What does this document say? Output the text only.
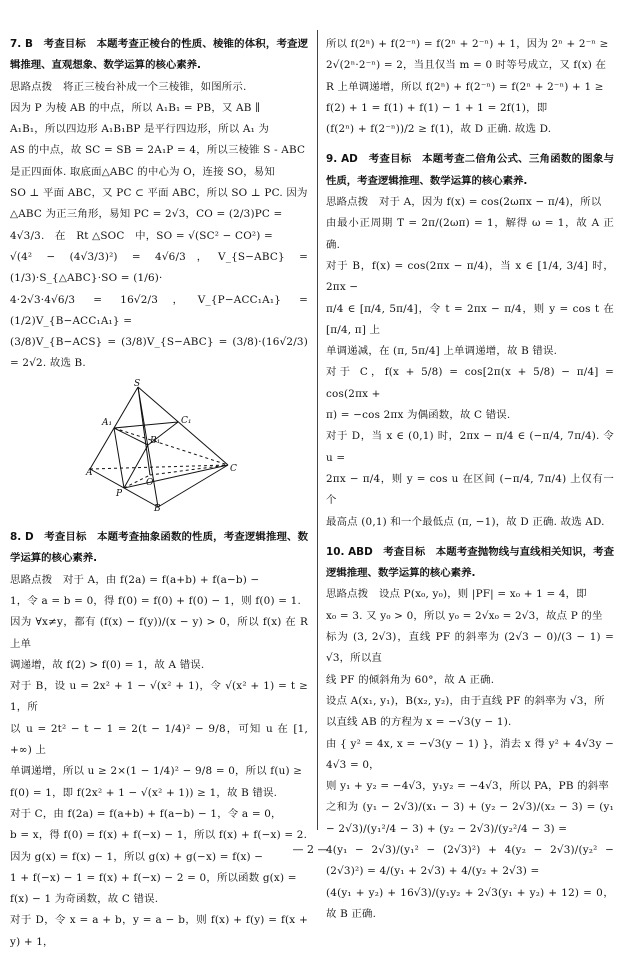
7. B　考查目标　本题考查正棱台的性质、棱锥的体积，考查逻辑推理、直观想象、数学运算的核心素养.

思路点拨　将正三棱台补成一个三棱锥，如图所示.

因为 P 为棱 AB 的中点，所以 A₁B₁ = PB，又 AB ∥

A₁B₁，所以四边形 A₁B₁BP 是平行四边形，所以 A₁ 为

AS 的中点，故 SC = SB = 2A₁P = 4，所以三棱锥 S - ABC

是正四面体. 取底面△ABC 的中心为 O，连接 SO，易知

SO ⊥ 平面 ABC，又 PC ⊂ 平面 ABC，所以 SO ⊥ PC. 因为

△ABC 为正三角形，易知 PC = 2√3，CO = (2/3)PC =

4√3/3.　在　Rt △SOC　中，SO = √(SC² − CO²) =

√(4² − (4√3/3)²) = 4√6/3，V_{S−ABC} = (1/3)·S_{△ABC}·SO = (1/6)·

4·2√3·4√6/3 = 16√2/3，V_{P−ACC₁A₁} = (1/2)V_{B−ACC₁A₁} =

(3/8)V_{B−ACS} = (3/8)V_{S−ABC} = (3/8)·(16√2/3) = 2√2. 故选 B.

S
A₁	C₁
B₁
A	C
O
P
B

8. D　考查目标　本题考查抽象函数的性质，考查逻辑推理、数学运算的核心素养.

思路点拨　对于 A，由 f(2a) = f(a+b) + f(a−b) −

1，令 a = b = 0，得 f(0) = f(0) + f(0) − 1，则 f(0) = 1.

因为 ∀x≠y，都有 (f(x) − f(y))/(x − y) > 0，所以 f(x) 在 R 上单

调递增，故 f(2) > f(0) = 1，故 A 错误.

对于 B，设 u = 2x² + 1 − √(x² + 1)，令 √(x² + 1) = t ≥ 1，所

以 u = 2t² − t − 1 = 2(t − 1/4)² − 9/8，可知 u 在 [1, +∞) 上

单调递增，所以 u ≥ 2×(1 − 1/4)² − 9/8 = 0，所以 f(u) ≥

f(0) = 1，即 f(2x² + 1 − √(x² + 1)) ≥ 1，故 B 错误.

对于 C，由 f(2a) = f(a+b) + f(a−b) − 1，令 a = 0，

b = x，得 f(0) = f(x) + f(−x) − 1，所以 f(x) + f(−x) = 2.

因为 g(x) = f(x) − 1，所以 g(x) + g(−x) = f(x) −

1 + f(−x) − 1 = f(x) + f(−x) − 2 = 0，所以函数 g(x) =

f(x) − 1 为奇函数，故 C 错误.

对于 D，令 x = a + b，y = a − b，则 f(x) + f(y) = f(x + y) + 1，

所以 f(2ⁿ) + f(2⁻ⁿ) = f(2ⁿ + 2⁻ⁿ) + 1，因为 2ⁿ + 2⁻ⁿ ≥

2√(2ⁿ·2⁻ⁿ) = 2，当且仅当 m = 0 时等号成立，又 f(x) 在

R 上单调递增，所以 f(2ⁿ) + f(2⁻ⁿ) = f(2ⁿ + 2⁻ⁿ) + 1 ≥

f(2) + 1 = f(1) + f(1) − 1 + 1 = 2f(1)，即

(f(2ⁿ) + f(2⁻ⁿ))/2 ≥ f(1)，故 D 正确. 故选 D.

9. AD　考查目标　本题考查二倍角公式、三角函数的图象与性质，考查逻辑推理、数学运算的核心素养.

思路点拨　对于 A，因为 f(x) = cos(2ωπx − π/4)，所以

由最小正周期 T = 2π/(2ωπ) = 1，解得 ω = 1，故 A 正确.

对于 B，f(x) = cos(2πx − π/4)，当 x ∈ [1/4, 3/4] 时，2πx −

π/4 ∈ [π/4, 5π/4]，令 t = 2πx − π/4，则 y = cos t 在 [π/4, π] 上

单调递减，在 (π, 5π/4] 上单调递增，故 B 错误.

对于 C，f(x + 5/8) = cos[2π(x + 5/8) − π/4] = cos(2πx +

π) = −cos 2πx 为偶函数，故 C 错误.

对于 D，当 x ∈ (0,1) 时，2πx − π/4 ∈ (−π/4, 7π/4). 令 u =

2πx − π/4，则 y = cos u 在区间 (−π/4, 7π/4) 上仅有一个

最高点 (0,1) 和一个最低点 (π, −1)，故 D 正确. 故选 AD.

10. ABD　考查目标　本题考查抛物线与直线相关知识，考查逻辑推理、数学运算的核心素养.

思路点拨　设点 P(x₀, y₀)，则 |PF| = x₀ + 1 = 4，即

x₀ = 3. 又 y₀ > 0，所以 y₀ = 2√x₀ = 2√3，故点 P 的坐

标为 (3, 2√3)，直线 PF 的斜率为 (2√3 − 0)/(3 − 1) = √3，所以直

线 PF 的倾斜角为 60°，故 A 正确.

设点 A(x₁, y₁)，B(x₂, y₂)，由于直线 PF 的斜率为 √3，所

以直线 AB 的方程为 x = −√3(y − 1).

由 { y² = 4x, x = −√3(y − 1) }，消去 x 得 y² + 4√3y − 4√3 = 0，

则 y₁ + y₂ = −4√3，y₁y₂ = −4√3，所以 PA，PB 的斜率

之和为 (y₁ − 2√3)/(x₁ − 3) + (y₂ − 2√3)/(x₂ − 3) = (y₁ − 2√3)/(y₁²/4 − 3) + (y₂ − 2√3)/(y₂²/4 − 3) =

4(y₁ − 2√3)/(y₁² − (2√3)²) + 4(y₂ − 2√3)/(y₂² − (2√3)²) = 4/(y₁ + 2√3) + 4/(y₂ + 2√3) =

(4(y₁ + y₂) + 16√3)/(y₁y₂ + 2√3(y₁ + y₂) + 12) = 0，故 B 正确.

— 2 —
